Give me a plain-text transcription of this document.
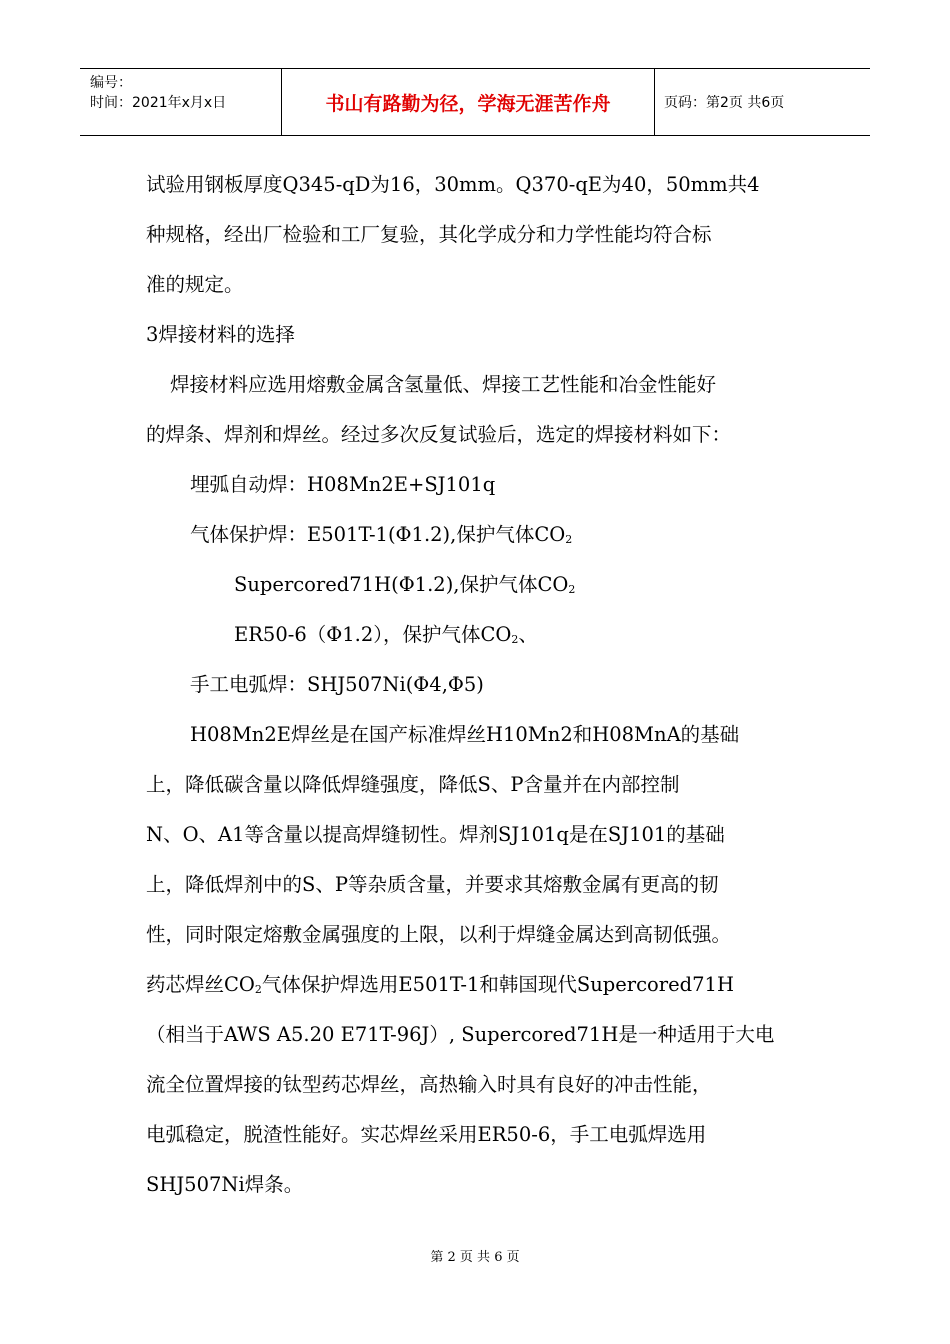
编号：
时间：2021年x月x日	书山有路勤为径，学海无涯苦作舟	页码：第2页 共6页

试验用钢板厚度Q345-qD为16，30mm。Q370-qE为40，50mm共4

种规格，经出厂检验和工厂复验，其化学成分和力学性能均符合标

准的规定。

3焊接材料的选择

焊接材料应选用熔敷金属含氢量低、焊接工艺性能和冶金性能好

的焊条、焊剂和焊丝。经过多次反复试验后，选定的焊接材料如下：

埋弧自动焊：H08Mn2E+SJ101q

气体保护焊：E501T-1(Φ1.2),保护气体$CO_2$

Supercored71H(Φ1.2),保护气体$CO_2$

ER50-6（Φ1.2），保护气体$CO_2$、

手工电弧焊：SHJ507Ni(Φ4,Φ5)

H08Mn2E焊丝是在国产标准焊丝H10Mn2和H08MnA的基础

上，降低碳含量以降低焊缝强度，降低S、P含量并在内部控制

N、O、A1等含量以提高焊缝韧性。焊剂SJ101q是在SJ101的基础

上，降低焊剂中的S、P等杂质含量，并要求其熔敷金属有更高的韧

性，同时限定熔敷金属强度的上限，以利于焊缝金属达到高韧低强。

药芯焊丝$CO_2$气体保护焊选用E501T-1和韩国现代Supercored71H

（相当于AWS A5.20 E71T-96J）, Supercored71H是一种适用于大电

流全位置焊接的钛型药芯焊丝，高热输入时具有良好的冲击性能，

电弧稳定，脱渣性能好。实芯焊丝采用ER50-6，手工电弧焊选用

SHJ507Ni焊条。

第 2 页 共 6 页
